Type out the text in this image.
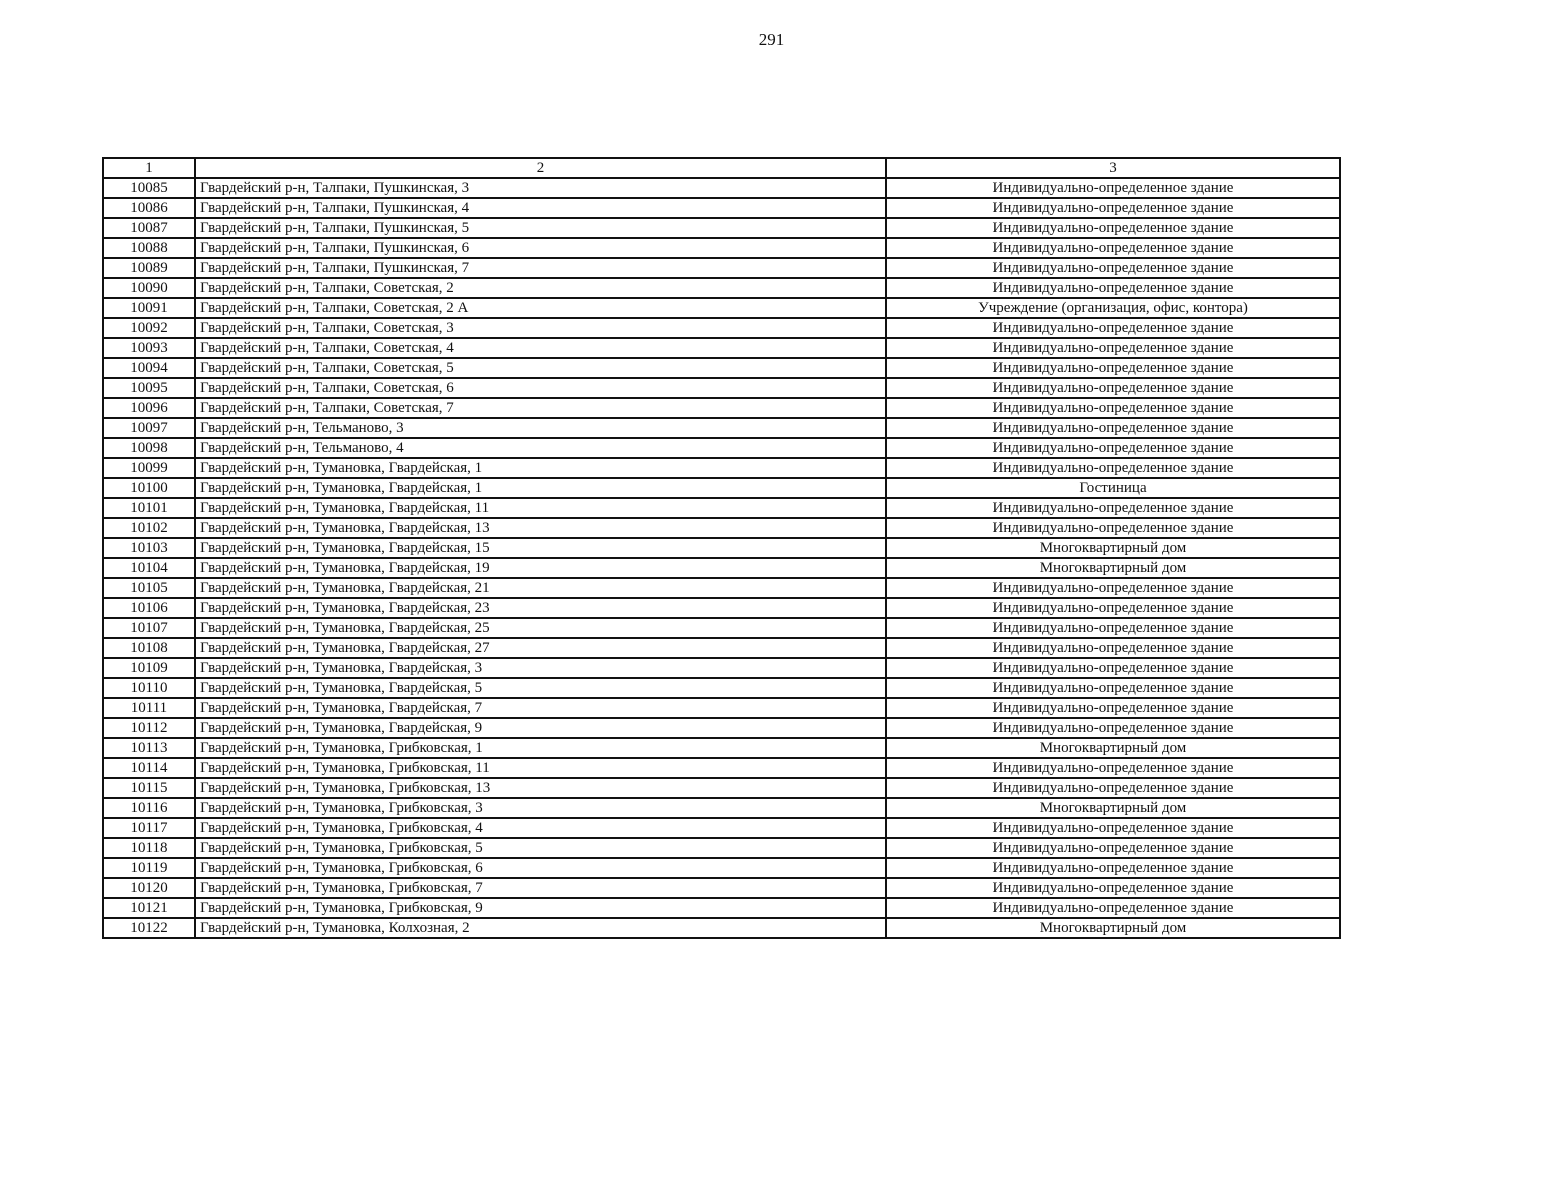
291
1	2	3
10085	Гвардейский р-н, Талпаки, Пушкинская, 3	Индивидуально-определенное здание
10086	Гвардейский р-н, Талпаки, Пушкинская, 4	Индивидуально-определенное здание
10087	Гвардейский р-н, Талпаки, Пушкинская, 5	Индивидуально-определенное здание
10088	Гвардейский р-н, Талпаки, Пушкинская, 6	Индивидуально-определенное здание
10089	Гвардейский р-н, Талпаки, Пушкинская, 7	Индивидуально-определенное здание
10090	Гвардейский р-н, Талпаки, Советская, 2	Индивидуально-определенное здание
10091	Гвардейский р-н, Талпаки, Советская, 2 А	Учреждение (организация, офис, контора)
10092	Гвардейский р-н, Талпаки, Советская, 3	Индивидуально-определенное здание
10093	Гвардейский р-н, Талпаки, Советская, 4	Индивидуально-определенное здание
10094	Гвардейский р-н, Талпаки, Советская, 5	Индивидуально-определенное здание
10095	Гвардейский р-н, Талпаки, Советская, 6	Индивидуально-определенное здание
10096	Гвардейский р-н, Талпаки, Советская, 7	Индивидуально-определенное здание
10097	Гвардейский р-н, Тельманово, 3	Индивидуально-определенное здание
10098	Гвардейский р-н, Тельманово, 4	Индивидуально-определенное здание
10099	Гвардейский р-н, Тумановка, Гвардейская, 1	Индивидуально-определенное здание
10100	Гвардейский р-н, Тумановка, Гвардейская, 1	Гостиница
10101	Гвардейский р-н, Тумановка, Гвардейская, 11	Индивидуально-определенное здание
10102	Гвардейский р-н, Тумановка, Гвардейская, 13	Индивидуально-определенное здание
10103	Гвардейский р-н, Тумановка, Гвардейская, 15	Многоквартирный дом
10104	Гвардейский р-н, Тумановка, Гвардейская, 19	Многоквартирный дом
10105	Гвардейский р-н, Тумановка, Гвардейская, 21	Индивидуально-определенное здание
10106	Гвардейский р-н, Тумановка, Гвардейская, 23	Индивидуально-определенное здание
10107	Гвардейский р-н, Тумановка, Гвардейская, 25	Индивидуально-определенное здание
10108	Гвардейский р-н, Тумановка, Гвардейская, 27	Индивидуально-определенное здание
10109	Гвардейский р-н, Тумановка, Гвардейская, 3	Индивидуально-определенное здание
10110	Гвардейский р-н, Тумановка, Гвардейская, 5	Индивидуально-определенное здание
10111	Гвардейский р-н, Тумановка, Гвардейская, 7	Индивидуально-определенное здание
10112	Гвардейский р-н, Тумановка, Гвардейская, 9	Индивидуально-определенное здание
10113	Гвардейский р-н, Тумановка, Грибковская, 1	Многоквартирный дом
10114	Гвардейский р-н, Тумановка, Грибковская, 11	Индивидуально-определенное здание
10115	Гвардейский р-н, Тумановка, Грибковская, 13	Индивидуально-определенное здание
10116	Гвардейский р-н, Тумановка, Грибковская, 3	Многоквартирный дом
10117	Гвардейский р-н, Тумановка, Грибковская, 4	Индивидуально-определенное здание
10118	Гвардейский р-н, Тумановка, Грибковская, 5	Индивидуально-определенное здание
10119	Гвардейский р-н, Тумановка, Грибковская, 6	Индивидуально-определенное здание
10120	Гвардейский р-н, Тумановка, Грибковская, 7	Индивидуально-определенное здание
10121	Гвардейский р-н, Тумановка, Грибковская, 9	Индивидуально-определенное здание
10122	Гвардейский р-н, Тумановка, Колхозная, 2	Многоквартирный дом
